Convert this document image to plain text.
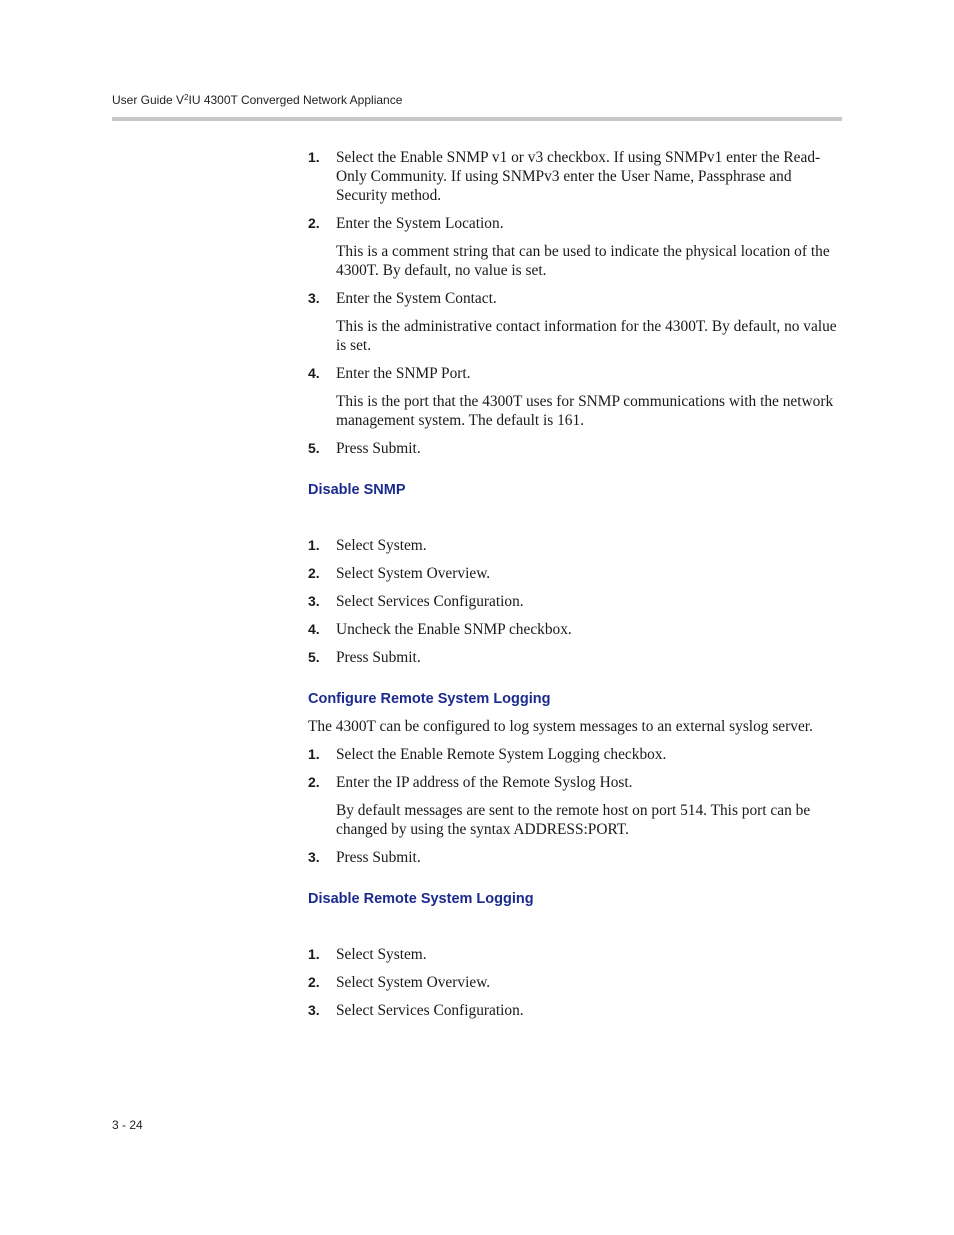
User Guide $V^2IU$ 4300T Converged Network Appliance
1. Select the Enable SNMP v1 or v3 checkbox. If using SNMPv1 enter the Read-Only Community. If using SNMPv3 enter the User Name, Passphrase and Security method.
2. Enter the System Location.
This is a comment string that can be used to indicate the physical location of the 4300T. By default, no value is set.
3. Enter the System Contact.
This is the administrative contact information for the 4300T. By default, no value is set.
4. Enter the SNMP Port.
This is the port that the 4300T uses for SNMP communications with the network management system. The default is 161.
5. Press Submit.
Disable SNMP
1. Select System.
2. Select System Overview.
3. Select Services Configuration.
4. Uncheck the Enable SNMP checkbox.
5. Press Submit.
Configure Remote System Logging
The 4300T can be configured to log system messages to an external syslog server.
1. Select the Enable Remote System Logging checkbox.
2. Enter the IP address of the Remote Syslog Host.
By default messages are sent to the remote host on port 514. This port can be changed by using the syntax ADDRESS:PORT.
3. Press Submit.
Disable Remote System Logging
1. Select System.
2. Select System Overview.
3. Select Services Configuration.
3 - 24
